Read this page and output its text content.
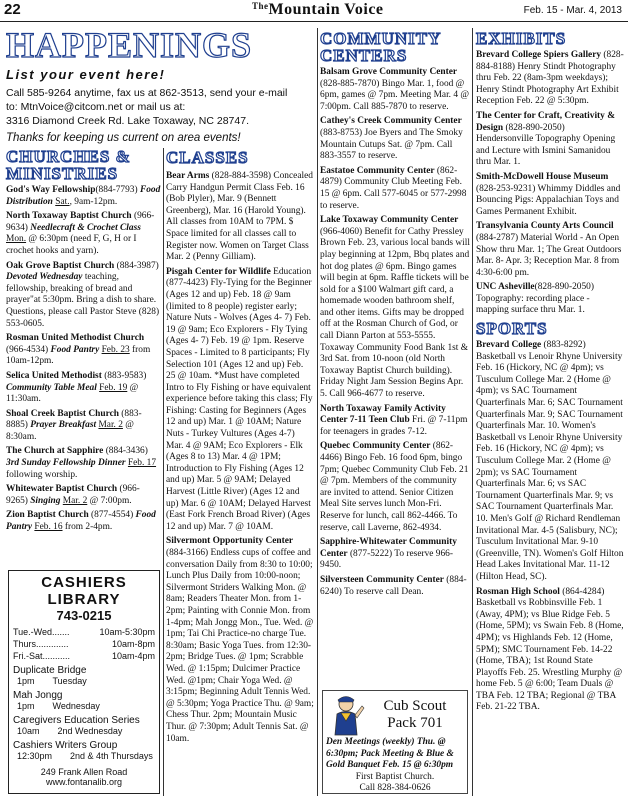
22	$^{The}$Mountain Voice	Feb. 15 - Mar. 4, 2013
HAPPENINGS
List your event here!
Call 585-9264 anytime, fax us at 862-3513, send your e-mail
to: MtnVoice@citcom.net or mail us at:
3316 Diamond Creek Rd. Lake Toxaway, NC 28747.
Thanks for keeping us current on area events!
CHURCHES &
MINISTRIES
God's Way Fellowship(884-7793) Food Distribution Sat., 9am-12pm.
North Toxaway Baptist Church (966-9634) Needlecraft & Crochet Class Mon. @ 6:30pm (need F, G, H or I crochet hooks and yarn).
Oak Grove Baptist Church (884-3987) Devoted Wednesday teaching, fellowship, breaking of bread and prayer"at 5:30pm. Bring a dish to share. Questions, please call Pastor Steve (828) 553-0605.
Rosman United Methodist Church (966-4534) Food Pantry Feb. 23 from 10am-12pm.
Selica United Methodist (883-9583) Community Table Meal Feb. 19 @ 11:30am.
Shoal Creek Baptist Church (883-8885) Prayer Breakfast Mar. 2 @ 8:30am.
The Church at Sapphire (884-3436) 3rd Sunday Fellowship Dinner Feb. 17 following worship.
Whitewater Baptist Church (966-9265) Singing Mar. 2 @ 7:00pm.
Zion Baptist Church (877-4554) Food Pantry Feb. 16 from 2-4pm.
CASHIERS LIBRARY
743-0215
Tue.-Wed.......	10am-5:30pm
Thurs.............	10am-8pm
Fri.-Sat...........	10am-4pm
Duplicate Bridge
1pm Tuesday
Mah Jongg
1pm Wednesday
Caregivers Education Series
10am 2nd Wednesday
Cashiers Writers Group
12:30pm 2nd & 4th Thursdays
249 Frank Allen Road
www.fontanalib.org
CLASSES
Bear Arms (828-884-3598) Concealed Carry Handgun Permit Class Feb. 16 (Bob Plyler), Mar. 9 (Bennett Greenberg), Mar. 16 (Harold Young). All classes from 10AM to 7PM. $ Space limited for all classes call to Register now. Women on Target Class Mar. 2 (Penny Gilliam).
Pisgah Center for Wildlife Education (877-4423) Fly-Tying for the Beginner (Ages 12 and up) Feb. 18 @ 9am (limited to 8 people) register early; Nature Nuts - Wolves (Ages 4- 7) Feb. 19 @ 9am; Eco Explorers - Fly Tying (Ages 4- 7) Feb. 19 @ 1pm. Reserve Spaces - Limited to 8 participants; Fly Selection 101 (Ages 12 and up) Feb. 25 @ 10am. *Must have completed Intro to Fly Fishing or have equivalent experience before taking this class; Fly Fishing: Casting for Beginners (Ages 12 and up) Mar. 1 @ 10AM; Nature Nuts - Turkey Vultures (Ages 4-7) Mar. 4 @ 9AM; Eco Explorers - Elk (Ages 8 to 13) Mar. 4 @ 1PM; Introduction to Fly Fishing (Ages 12 and up) Mar. 5 @ 9AM; Delayed Harvest (Little River) (Ages 12 and up) Mar. 6 @ 10AM; Delayed Harvest (East Fork French Broad River) (Ages 12 and up) Mar. 7 @ 10AM.
Silvermont Opportunity Center (884-3166) Endless cups of coffee and conversation Daily from 8:30 to 10:00; Lunch Plus Daily from 10:00-noon; Silvermont Striders Walking Mon. @ 8am; Readers Theater Mon. from 1-2pm; Painting with Connie Mon. from 1-4pm; Mah Jongg Mon., Tue. Wed. @ 1pm; Tai Chi Practice-no charge Tue. 8:30am; Basic Yoga Tues. from 12:30-2pm; Bridge Tues. @ 1pm; Scrabble Wed. @ 1:15pm; Dulcimer Practice Wed. @1pm; Chair Yoga Wed. @ 3:15pm; Beginning Adult Tennis Wed. @ 5:30pm; Yoga Practice Thu. @ 9am; Chess Thur. 2pm; Mountain Music Thur. @ 7:30pm; Adult Tennis Sat. @ 10am.
COMMUNITY
CENTERS
Balsam Grove Community Center (828-885-7870) Bingo Mar. 1, food @ 6pm, games @ 7pm. Meeting Mar. 4 @ 7:00pm. Call 885-7870 to reserve.
Cathey's Creek Community Center (883-8753) Joe Byers and The Smoky Mountain Cutups Sat. @ 7pm. Call 883-3557 to reserve.
Eastatoe Community Center (862-4879) Community Club Meeting Feb. 15 @ 6pm. Call 577-6045 or 577-2998 to reserve.
Lake Toxaway Community Center (966-4060) Benefit for Cathy Pressley Brown Feb. 23, various local bands will play beginning at 12pm, Bbq plates and hot dog plates @ 6pm. Bingo games will begin at 6pm. Raffle tickets will be sold for a $100 Walmart gift card, a homemade wooden bathroom shelf, and other items. Gifts may be dropped off at the Rosman Church of God, or call Diann Parton at 553-5555. Toxaway Community Food Bank 1st & 3rd Sat. from 10-noon (old North Toxaway Baptist Church building). Friday Night Jam Session Begins Apr. 5. Call 966-4677 to reserve.
North Toxaway Family Activity Center 7-11 Teen Club Fri. @ 7-11pm for teenagers in grades 7-12.
Quebec Community Center (862-4466) Bingo Feb. 16 food 6pm, bingo 7pm; Quebec Community Club Feb. 21 @ 7pm. Members of the community are invited to attend. Senior Citizen Meal Site serves lunch Mon-Fri. Reserve for lunch, call 862-4466. To reserve, call Laverne, 862-4934.
Sapphire-Whitewater Community Center (877-5222) To reserve 966-9450.
Silversteen Community Center (884-6240) To reserve call Dean.
Cub Scout
Pack 701
Den Meetings (weekly) Thu. @ 6:30pm; Pack Meeting & Blue & Gold Banquet Feb. 15 @ 6:30pm
First Baptist Church.
Call 828-384-0626
EXHIBITS
Brevard College Spiers Gallery (828-884-8188) Henry Stindt Photography thru Feb. 22 (8am-3pm weekdays); Henry Stindt Photography Art Exhibit Reception Feb. 22 @ 5:30pm.
The Center for Craft, Creativity & Design (828-890-2050) Hendersonville Topography Opening and Lecture with Ismini Samanidou thru Mar. 1.
Smith-McDowell House Museum (828-253-9231) Whimmy Diddles and Bouncing Pigs: Appalachian Toys and Games Permanent Exhibit.
Transylvania County Arts Council (884-2787) Material World - An Open Show thru Mar. 1; The Great Outdoors Mar. 8- Apr. 3; Reception Mar. 8 from 4:30-6:00 pm.
UNC Asheville(828-890-2050) Topography: recording place - mapping surface thru Mar. 1.
SPORTS
Brevard College (883-8292) Basketball vs Lenoir Rhyne University Feb. 16 (Hickory, NC @ 4pm); vs Tusculum College Mar. 2 (Home @ 4pm); vs SAC Tournament Quarterfinals Mar. 6; SAC Tournament Quarterfinals Mar. 9; SAC Tournament Quarterfinals Mar. 10. Women's Basketball vs Lenoir Rhyne University Feb. 16 (Hickory, NC @ 4pm); vs Tusculum College Mar. 2 (Home @ 2pm); vs SAC Tournament Quarterfinals Mar. 6; vs SAC Tournament Quarterfinals Mar. 9; vs SAC Tournament Quarterfinals Mar. 10. Men's Golf @ Richard Rendleman Invitational Mar. 4-5 (Salisbury, NC); Tusculum Invitational Mar. 9-10 (Greenville, TN). Women's Golf Hilton Head Lakes Invitational Mar. 11-12 (Hilton Head, SC).
Rosman High School (864-4284) Basketball vs Robbinsville Feb. 1 (Away, 4PM); vs Blue Ridge Feb. 5 (Home, 5PM); vs Swain Feb. 8 (Home, 4PM); vs Highlands Feb. 12 (Home, 5PM); SMC Tournament Feb. 14-22 (Home, TBA); 1st Round State Playoffs Feb. 25. Wrestling Murphy @ home Feb. 5 @ 6:00; Team Duals @ TBA Feb. 12 TBA; Regional @ TBA Feb. 21-22 TBA.
